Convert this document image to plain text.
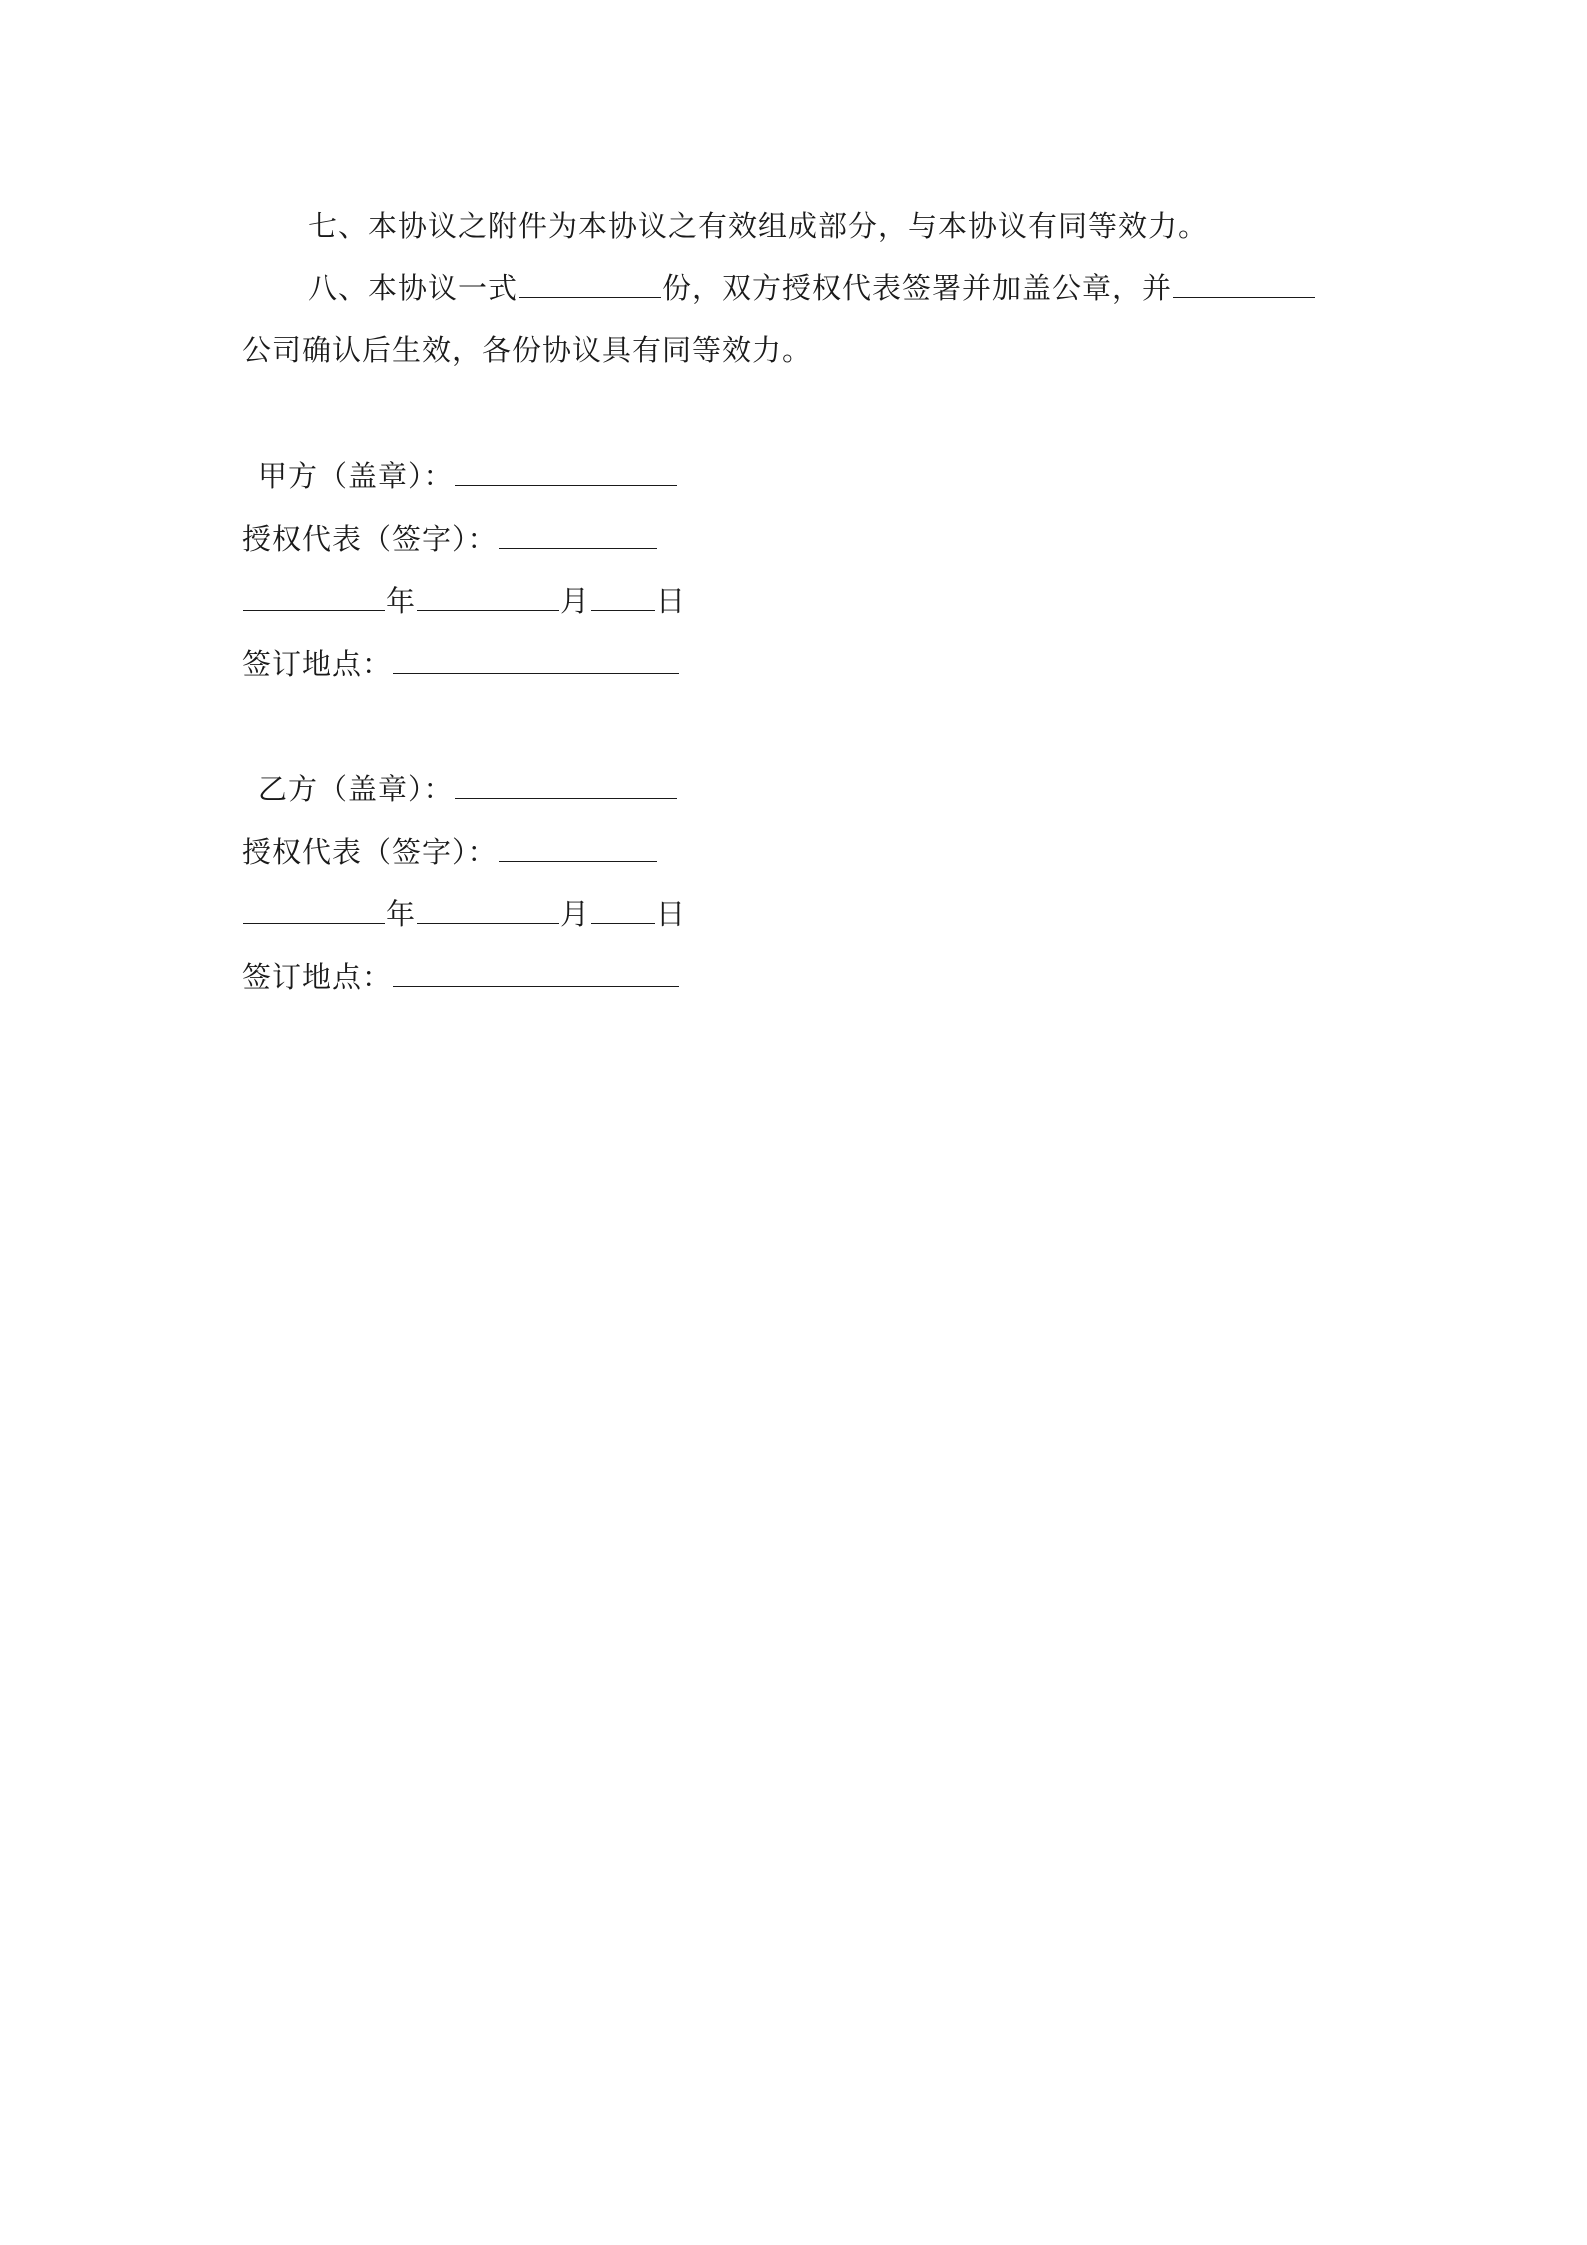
七、本协议之附件为本协议之有效组成部分，与本协议有同等效力。
八、本协议一式	份，双方授权代表签署并加盖公章，并
公司确认后生效，各份协议具有同等效力。
甲方（盖章）：
授权代表（签字）：
年	月 日
签订地点：
乙方（盖章）：
授权代表（签字）：
年	月 日
签订地点：
